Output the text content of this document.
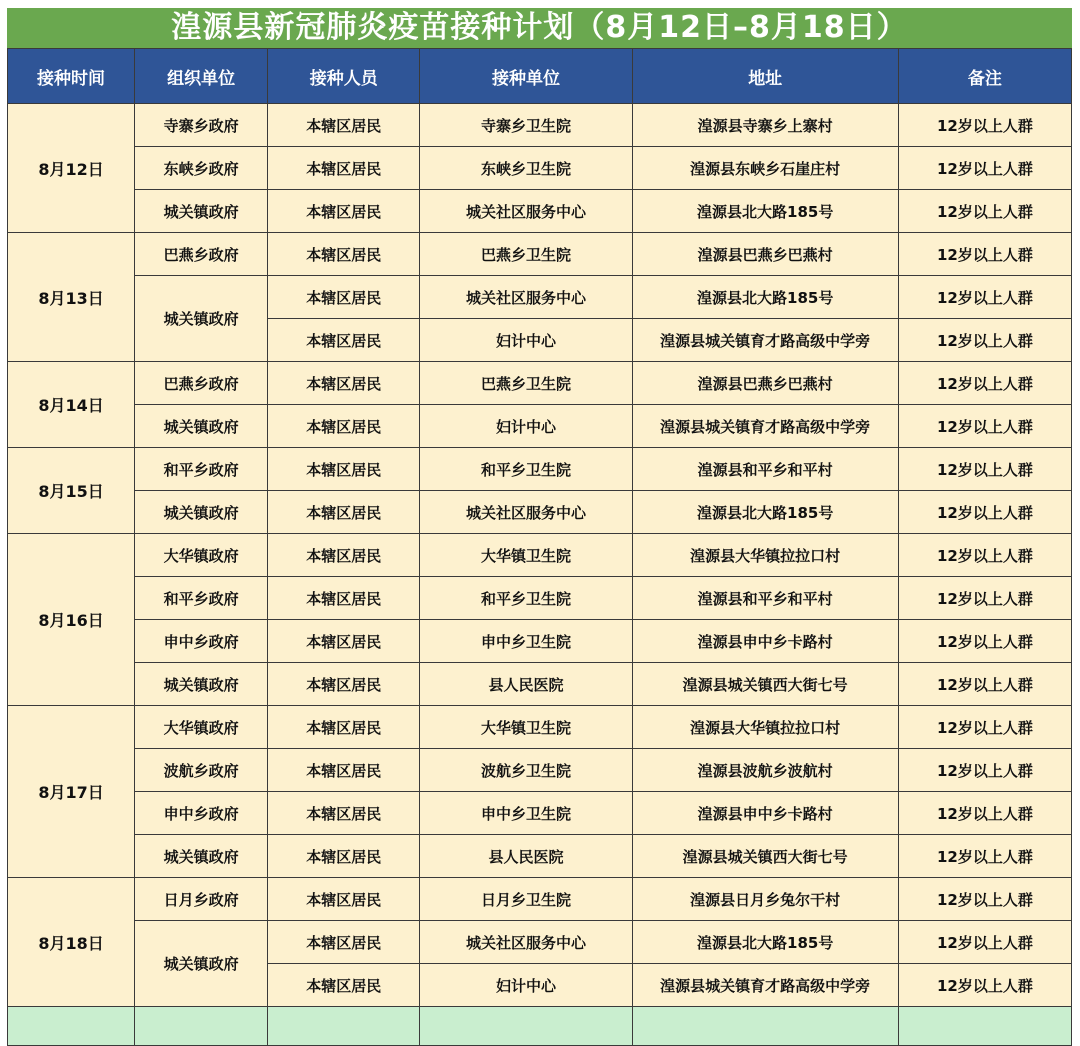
湟源县新冠肺炎疫苗接种计划（8月12日–8月18日）
接种时间	组织单位	接种人员	接种单位	地址	备注
8月12日	寺寨乡政府	本辖区居民	寺寨乡卫生院	湟源县寺寨乡上寨村	12岁以上人群
	东峡乡政府	本辖区居民	东峡乡卫生院	湟源县东峡乡石崖庄村	12岁以上人群
	城关镇政府	本辖区居民	城关社区服务中心	湟源县北大路185号	12岁以上人群
8月13日	巴燕乡政府	本辖区居民	巴燕乡卫生院	湟源县巴燕乡巴燕村	12岁以上人群
	城关镇政府	本辖区居民	城关社区服务中心	湟源县北大路185号	12岁以上人群
		本辖区居民	妇计中心	湟源县城关镇育才路高级中学旁	12岁以上人群
8月14日	巴燕乡政府	本辖区居民	巴燕乡卫生院	湟源县巴燕乡巴燕村	12岁以上人群
	城关镇政府	本辖区居民	妇计中心	湟源县城关镇育才路高级中学旁	12岁以上人群
8月15日	和平乡政府	本辖区居民	和平乡卫生院	湟源县和平乡和平村	12岁以上人群
	城关镇政府	本辖区居民	城关社区服务中心	湟源县北大路185号	12岁以上人群
8月16日	大华镇政府	本辖区居民	大华镇卫生院	湟源县大华镇拉拉口村	12岁以上人群
	和平乡政府	本辖区居民	和平乡卫生院	湟源县和平乡和平村	12岁以上人群
	申中乡政府	本辖区居民	申中乡卫生院	湟源县申中乡卡路村	12岁以上人群
	城关镇政府	本辖区居民	县人民医院	湟源县城关镇西大街七号	12岁以上人群
8月17日	大华镇政府	本辖区居民	大华镇卫生院	湟源县大华镇拉拉口村	12岁以上人群
	波航乡政府	本辖区居民	波航乡卫生院	湟源县波航乡波航村	12岁以上人群
	申中乡政府	本辖区居民	申中乡卫生院	湟源县申中乡卡路村	12岁以上人群
	城关镇政府	本辖区居民	县人民医院	湟源县城关镇西大街七号	12岁以上人群
8月18日	日月乡政府	本辖区居民	日月乡卫生院	湟源县日月乡兔尔干村	12岁以上人群
	城关镇政府	本辖区居民	城关社区服务中心	湟源县北大路185号	12岁以上人群
		本辖区居民	妇计中心	湟源县城关镇育才路高级中学旁	12岁以上人群
